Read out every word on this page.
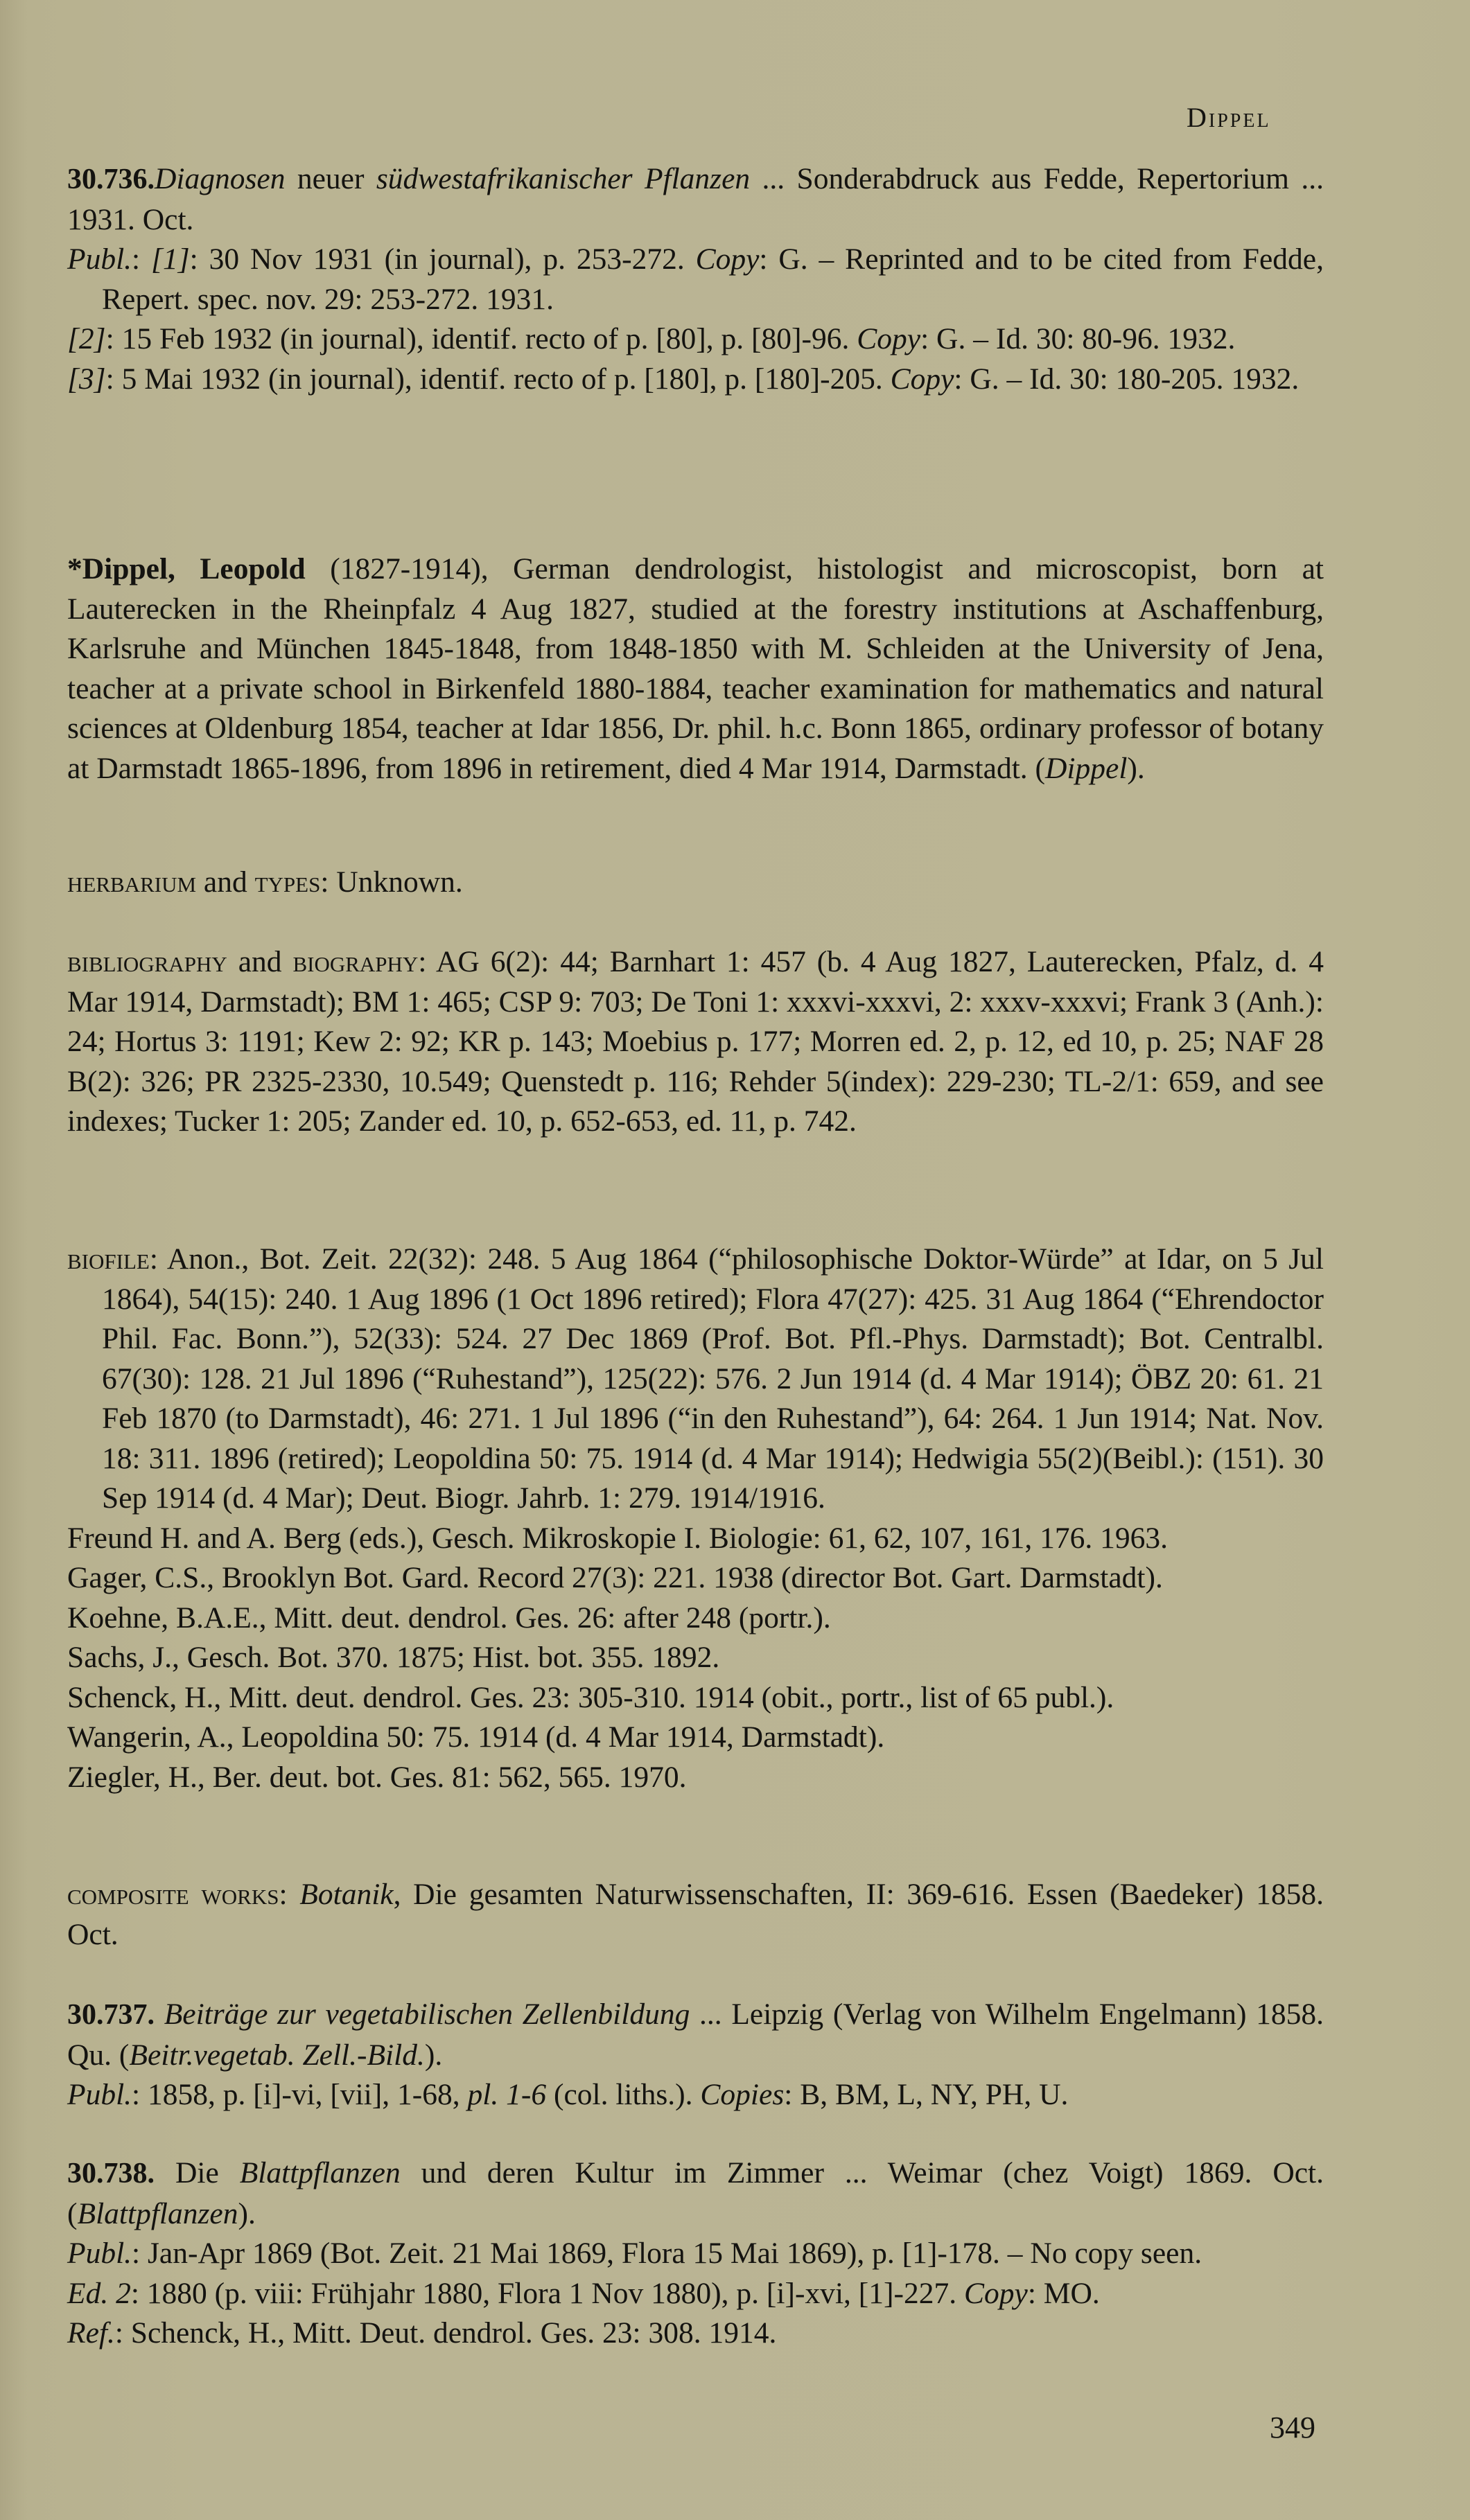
Dippel

30.736.Diagnosen neuer südwestafrikanischer Pflanzen ... Sonderabdruck aus Fedde, Repertorium ... 1931. Oct.

Publ.: [1]: 30 Nov 1931 (in journal), p. 253-272. Copy: G. – Reprinted and to be cited from Fedde, Repert. spec. nov. 29: 253-272. 1931.

[2]: 15 Feb 1932 (in journal), identif. recto of p. [80], p. [80]-96. Copy: G. – Id. 30: 80-96. 1932.

[3]: 5 Mai 1932 (in journal), identif. recto of p. [180], p. [180]-205. Copy: G. – Id. 30: 180-205. 1932.

*Dippel, Leopold (1827-1914), German dendrologist, histologist and microscopist, born at Lauterecken in the Rheinpfalz 4 Aug 1827, studied at the forestry institutions at Aschaffenburg, Karlsruhe and München 1845-1848, from 1848-1850 with M. Schleiden at the University of Jena, teacher at a private school in Birkenfeld 1880-1884, teacher examination for mathematics and natural sciences at Oldenburg 1854, teacher at Idar 1856, Dr. phil. h.c. Bonn 1865, ordinary professor of botany at Darmstadt 1865-1896, from 1896 in retirement, died 4 Mar 1914, Darmstadt. (Dippel).

herbarium and types: Unknown.

bibliography and biography: AG 6(2): 44; Barnhart 1: 457 (b. 4 Aug 1827, Lauterecken, Pfalz, d. 4 Mar 1914, Darmstadt); BM 1: 465; CSP 9: 703; De Toni 1: xxxvi-xxxvi, 2: xxxv-xxxvi; Frank 3 (Anh.): 24; Hortus 3: 1191; Kew 2: 92; KR p. 143; Moebius p. 177; Morren ed. 2, p. 12, ed 10, p. 25; NAF 28 B(2): 326; PR 2325-2330, 10.549; Quenstedt p. 116; Rehder 5(index): 229-230; TL-2/1: 659, and see indexes; Tucker 1: 205; Zander ed. 10, p. 652-653, ed. 11, p. 742.

biofile: Anon., Bot. Zeit. 22(32): 248. 5 Aug 1864 (“philosophische Doktor-Würde” at Idar, on 5 Jul 1864), 54(15): 240. 1 Aug 1896 (1 Oct 1896 retired); Flora 47(27): 425. 31 Aug 1864 (“Ehrendoctor Phil. Fac. Bonn.”), 52(33): 524. 27 Dec 1869 (Prof. Bot. Pfl.-Phys. Darmstadt); Bot. Centralbl. 67(30): 128. 21 Jul 1896 (“Ruhestand”), 125(22): 576. 2 Jun 1914 (d. 4 Mar 1914); ÖBZ 20: 61. 21 Feb 1870 (to Darmstadt), 46: 271. 1 Jul 1896 (“in den Ruhestand”), 64: 264. 1 Jun 1914; Nat. Nov. 18: 311. 1896 (retired); Leopoldina 50: 75. 1914 (d. 4 Mar 1914); Hedwigia 55(2)(Beibl.): (151). 30 Sep 1914 (d. 4 Mar); Deut. Biogr. Jahrb. 1: 279. 1914/1916.

Freund H. and A. Berg (eds.), Gesch. Mikroskopie I. Biologie: 61, 62, 107, 161, 176. 1963.

Gager, C.S., Brooklyn Bot. Gard. Record 27(3): 221. 1938 (director Bot. Gart. Darmstadt).

Koehne, B.A.E., Mitt. deut. dendrol. Ges. 26: after 248 (portr.).

Sachs, J., Gesch. Bot. 370. 1875; Hist. bot. 355. 1892.

Schenck, H., Mitt. deut. dendrol. Ges. 23: 305-310. 1914 (obit., portr., list of 65 publ.).

Wangerin, A., Leopoldina 50: 75. 1914 (d. 4 Mar 1914, Darmstadt).

Ziegler, H., Ber. deut. bot. Ges. 81: 562, 565. 1970.

composite works: Botanik, Die gesamten Naturwissenschaften, II: 369-616. Essen (Baedeker) 1858. Oct.

30.737. Beiträge zur vegetabilischen Zellenbildung ... Leipzig (Verlag von Wilhelm Engelmann) 1858. Qu. (Beitr.vegetab. Zell.-Bild.).

Publ.: 1858, p. [i]-vi, [vii], 1-68, pl. 1-6 (col. liths.). Copies: B, BM, L, NY, PH, U.

30.738. Die Blattpflanzen und deren Kultur im Zimmer ... Weimar (chez Voigt) 1869. Oct. (Blattpflanzen).

Publ.: Jan-Apr 1869 (Bot. Zeit. 21 Mai 1869, Flora 15 Mai 1869), p. [1]-178. – No copy seen.

Ed. 2: 1880 (p. viii: Frühjahr 1880, Flora 1 Nov 1880), p. [i]-xvi, [1]-227. Copy: MO.

Ref.: Schenck, H., Mitt. Deut. dendrol. Ges. 23: 308. 1914.

349
